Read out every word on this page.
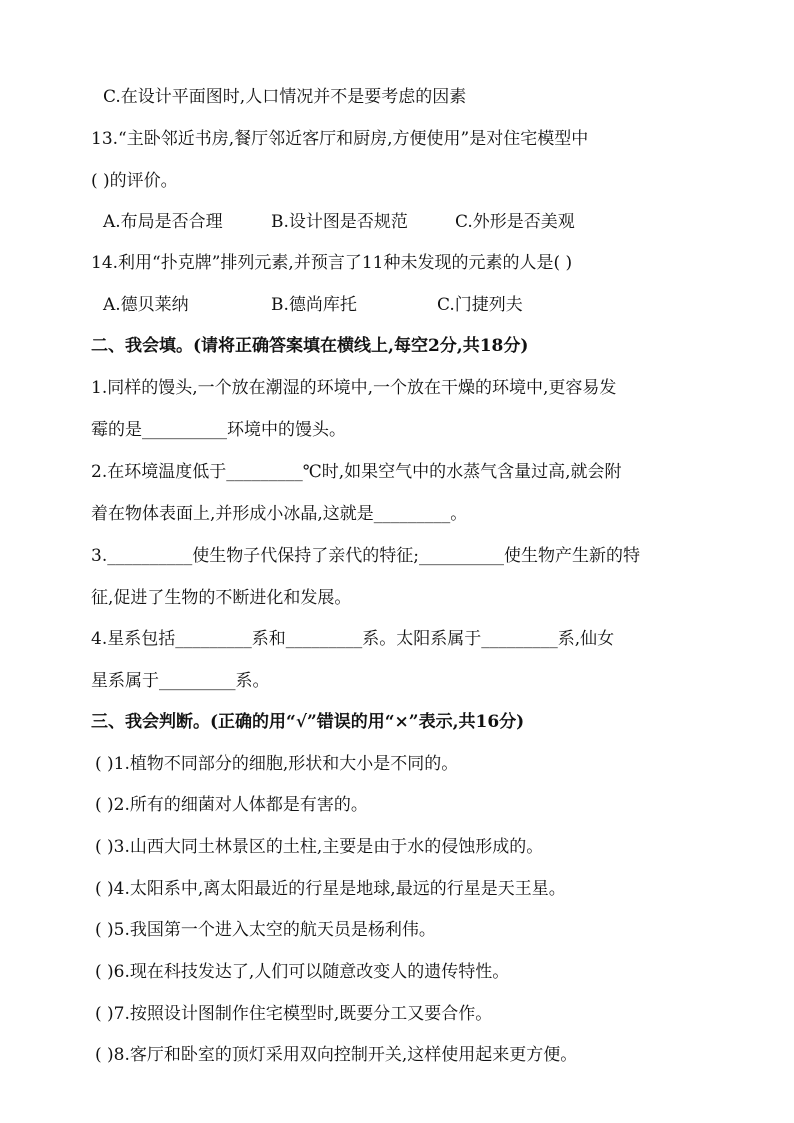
C.在设计平面图时,人口情况并不是要考虑的因素
13.“主卧邻近书房,餐厅邻近客厅和厨房,方便使用”是对住宅模型中
( )的评价。
A.布局是否合理	B.设计图是否规范	C.外形是否美观
14.利用“扑克牌”排列元素,并预言了11种未发现的元素的人是( )
A.德贝莱纳	B.德尚库托	C.门捷列夫
二、我会填。(请将正确答案填在横线上,每空2分,共18分)
1.同样的馒头,一个放在潮湿的环境中,一个放在干燥的环境中,更容易发
霉的是__________环境中的馒头。
2.在环境温度低于_________℃时,如果空气中的水蒸气含量过高,就会附
着在物体表面上,并形成小冰晶,这就是_________。
3.__________使生物子代保持了亲代的特征;__________使生物产生新的特
征,促进了生物的不断进化和发展。
4.星系包括_________系和_________系。太阳系属于_________系,仙女
星系属于_________系。
三、我会判断。(正确的用“√”错误的用“×”表示,共16分)
( )1.植物不同部分的细胞,形状和大小是不同的。
( )2.所有的细菌对人体都是有害的。
( )3.山西大同土林景区的土柱,主要是由于水的侵蚀形成的。
( )4.太阳系中,离太阳最近的行星是地球,最远的行星是天王星。
( )5.我国第一个进入太空的航天员是杨利伟。
( )6.现在科技发达了,人们可以随意改变人的遗传特性。
( )7.按照设计图制作住宅模型时,既要分工又要合作。
( )8.客厅和卧室的顶灯采用双向控制开关,这样使用起来更方便。
